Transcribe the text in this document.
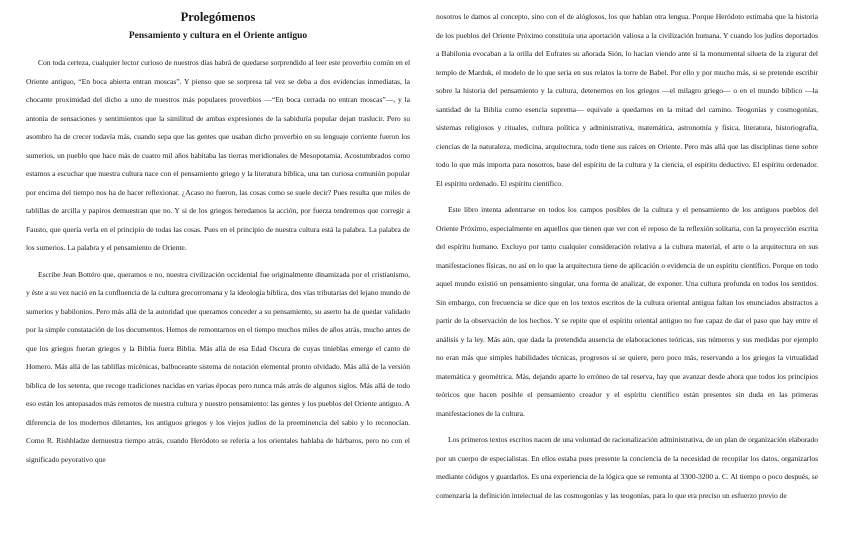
Prolegómenos
Pensamiento y cultura en el Oriente antiguo

Con toda certeza, cualquier lector curioso de nuestros días habrá de quedarse sorprendido al leer este proverbio común en el Oriente antiguo, “En boca abierta entran moscas”. Y pienso que se sorpresa tal vez se deba a dos evidencias inmediatas, la chocante proximidad del dicho a uno de nuestros más populares proverbios —“En boca cerrada no entran moscas”—, y la antonia de sensaciones y sentimientos que la similitud de ambas expresiones de la sabiduría popular dejan traslucir. Pero su asombro ha de crecer todavía más, cuando sepa que las gentes que usaban dicho proverbio en su lenguaje corriente fueron los sumerios, un pueblo que hace más de cuatro mil años habitaba las tierras meridionales de Mesopotamia. Acostumbrados como estamos a escuchar que nuestra cultura nace con el pensamiento griego y la literatura bíblica, una tan curiosa comunión popular por encima del tiempo nos ha de hacer reflexionar. ¿Acaso no fueron, las cosas como se suele decir? Pues resulta que miles de tablillas de arcilla y papiros demuestran que no. Y si de los griegos heredamos la acción, por fuerza tendremos que corregir a Fausto, que quería verla en el principio de todas las cosas. Pues en el principio de nuestra cultura está la palabra. La palabra de los sumerios. La palabra y el pensamiento de Oriente.

Escribe Jean Bottéro que, queramos o no, nuestra civilización occidental fue originalmente dinamizada por el cristianismo, y éste a su vez nació en la confluencia de la cultura grecorromana y la ideología bíblica, dos vías tributarias del lejano mundo de sumerios y babilonios. Pero más allá de la autoridad que queramos conceder a su pensamiento, su aserto ha de quedar validado por la simple constatación de los documentos. Hemos de remontarnos en el tiempo muchos miles de años atrás, mucho antes de que los griegos fueran griegos y la Biblia fuera Biblia. Más allá de esa Edad Oscura de cuyas tinieblas emerge el canto de Homero. Más allá de las tablillas micénicas, balbuceante sistema de notación elemental pronto olvidado. Más allá de la versión bíblica de los setenta, que recoge tradiciones nacidas en varias épocas pero nunca más atrás de algunos siglos. Más allá de todo eso están los antepasados más remotos de nuestra cultura y nuestro pensamiento: las gentes y los pueblos del Oriente antiguo. A diferencia de los modernos diletantes, los antiguos griegos y los viejos judíos de la preeminencia del sabio y lo reconocían. Como R. Rishhladze demuestra tiempo atrás, cuando Heródoto se refería a los orientales hablaba de bárbaros, pero no con el significado peyorativo que

nosotros le damos al concepto, sino con el de alóglosos, los que hablan otra lengua. Porque Heródoto estimaba que la historia de los pueblos del Oriente Próximo constituía una aportación valiosa a la civilización humana. Y cuando los judíos deportados a Babilonia evocaban a la orilla del Eufrates su añorada Sión, lo hacían viendo ante sí la monumental silueta de la zigurat del templo de Marduk, el modelo de lo que sería en sus relatos la torre de Babel. Por ello y por mucho más, si se pretende escribir sobre la historia del pensamiento y la cultura, detenernos en los griegos —el milagro griego— o en el mundo bíblico —la santidad de la Biblia como esencia suprema— equivale a quedarnos en la mitad del camino. Teogonías y cosmogonías, sistemas religiosos y rituales, cultura política y administrativa, matemática, astronomía y física, literatura, historiografía, ciencias de la naturaleza, medicina, arquitectura, todo tiene sus raíces en Oriente. Pero más allá que las disciplinas tiene sobre todo lo que más importa para nosotros, base del espíritu de la cultura y la ciencia, el espíritu deductivo. El espíritu ordenador. El espíritu ordenado. El espíritu científico.

Este libro intenta adentrarse en todos los campos posibles de la cultura y el pensamiento de los antiguos pueblos del Oriente Próximo, especialmente en aquellos que tienen que ver con el reposo de la reflexión solitaria, con la proyección escrita del espíritu humano. Excluyo por tanto cualquier consideración relativa a la cultura material, el arte o la arquitectura en sus manifestaciones físicas, no así en lo que la arquitectura tiene de aplicación o evidencia de un espíritu científico. Porque en todo aquel mundo existió un pensamiento singular, una forma de analizar, de exponer. Una cultura profunda en todos los sentidos. Sin embargo, con frecuencia se dice que en los textos escritos de la cultura oriental antigua faltan los enunciados abstractos a partir de la observación de los hechos. Y se repite que el espíritu oriental antiguo no fue capaz de dar el paso que hay entre el análisis y la ley. Más aún, que dada la pretendida ausencia de elaboraciones teóricas, sus números y sus medidas por ejemplo no eran más que simples habilidades técnicas, progresos si se quiere, pero poco más, reservando a los griegos la virtualidad matemática y geométrica. Más, dejando aparte lo erróneo de tal reserva, hay que avanzar desde ahora que todos los principios teóricos que hacen posible el pensamiento creador y el espíritu científico están presentes sin duda en las primeras manifestaciones de la cultura.

Los primeros textos escritos nacen de una voluntad de racionalización administrativa, de un plan de organización elaborado por un cuerpo de especialistas. En ellos estaba pues presente la conciencia de la necesidad de recopilar los datos, organizarlos mediante códigos y guardarlos. Es una experiencia de la lógica que se remonta al 3300-3200 a. C. Al tiempo o poco después, se comenzaría la definición intelectual de las cosmogonías y las teogonías, para lo que era preciso un esfuerzo previo de
